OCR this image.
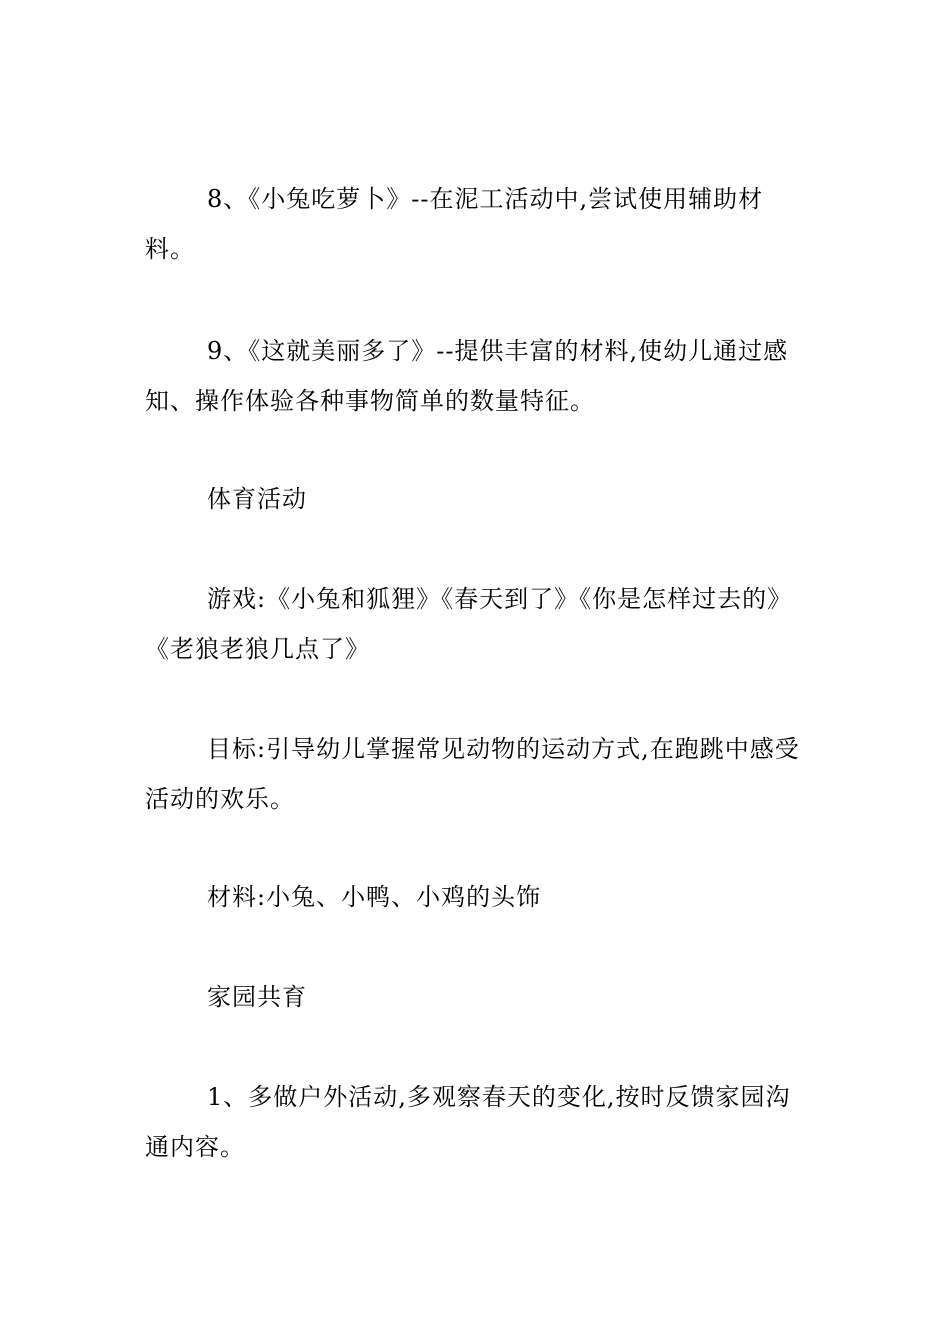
8、《小兔吃萝卜》--在泥工活动中,尝试使用辅助材料。

9、《这就美丽多了》--提供丰富的材料,使幼儿通过感知、操作体验各种事物简单的数量特征。

体育活动

游戏:《小兔和狐狸》《春天到了》《你是怎样过去的》《老狼老狼几点了》

目标:引导幼儿掌握常见动物的运动方式,在跑跳中感受活动的欢乐。

材料:小兔、小鸭、小鸡的头饰

家园共育

1、多做户外活动,多观察春天的变化,按时反馈家园沟通内容。
